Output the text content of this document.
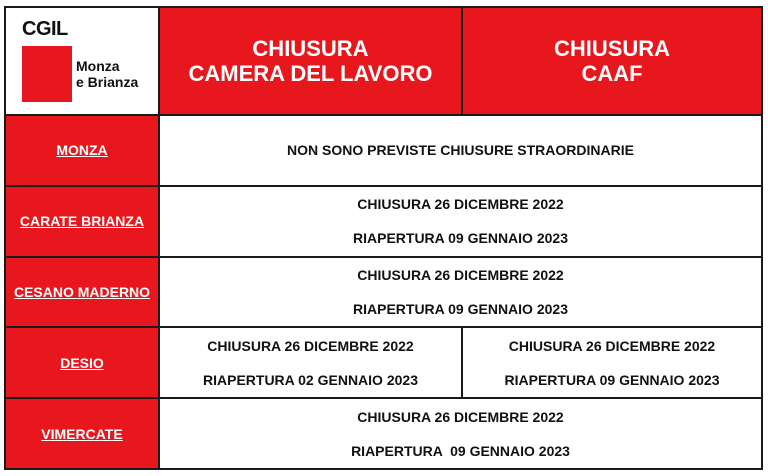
CGIL
Monza
e Brianza
CHIUSURA
CAMERA DEL LAVORO
CHIUSURA
CAAF
MONZA	NON SONO PREVISTE CHIUSURE STRAORDINARIE
CARATE BRIANZA
CHIUSURA 26 DICEMBRE 2022
RIAPERTURA 09 GENNAIO 2023
CESANO MADERNO
CHIUSURA 26 DICEMBRE 2022
RIAPERTURA 09 GENNAIO 2023
DESIO
CHIUSURA 26 DICEMBRE 2022
RIAPERTURA 02 GENNAIO 2023
CHIUSURA 26 DICEMBRE 2022
RIAPERTURA 09 GENNAIO 2023
VIMERCATE
CHIUSURA 26 DICEMBRE 2022
RIAPERTURA  09 GENNAIO 2023
